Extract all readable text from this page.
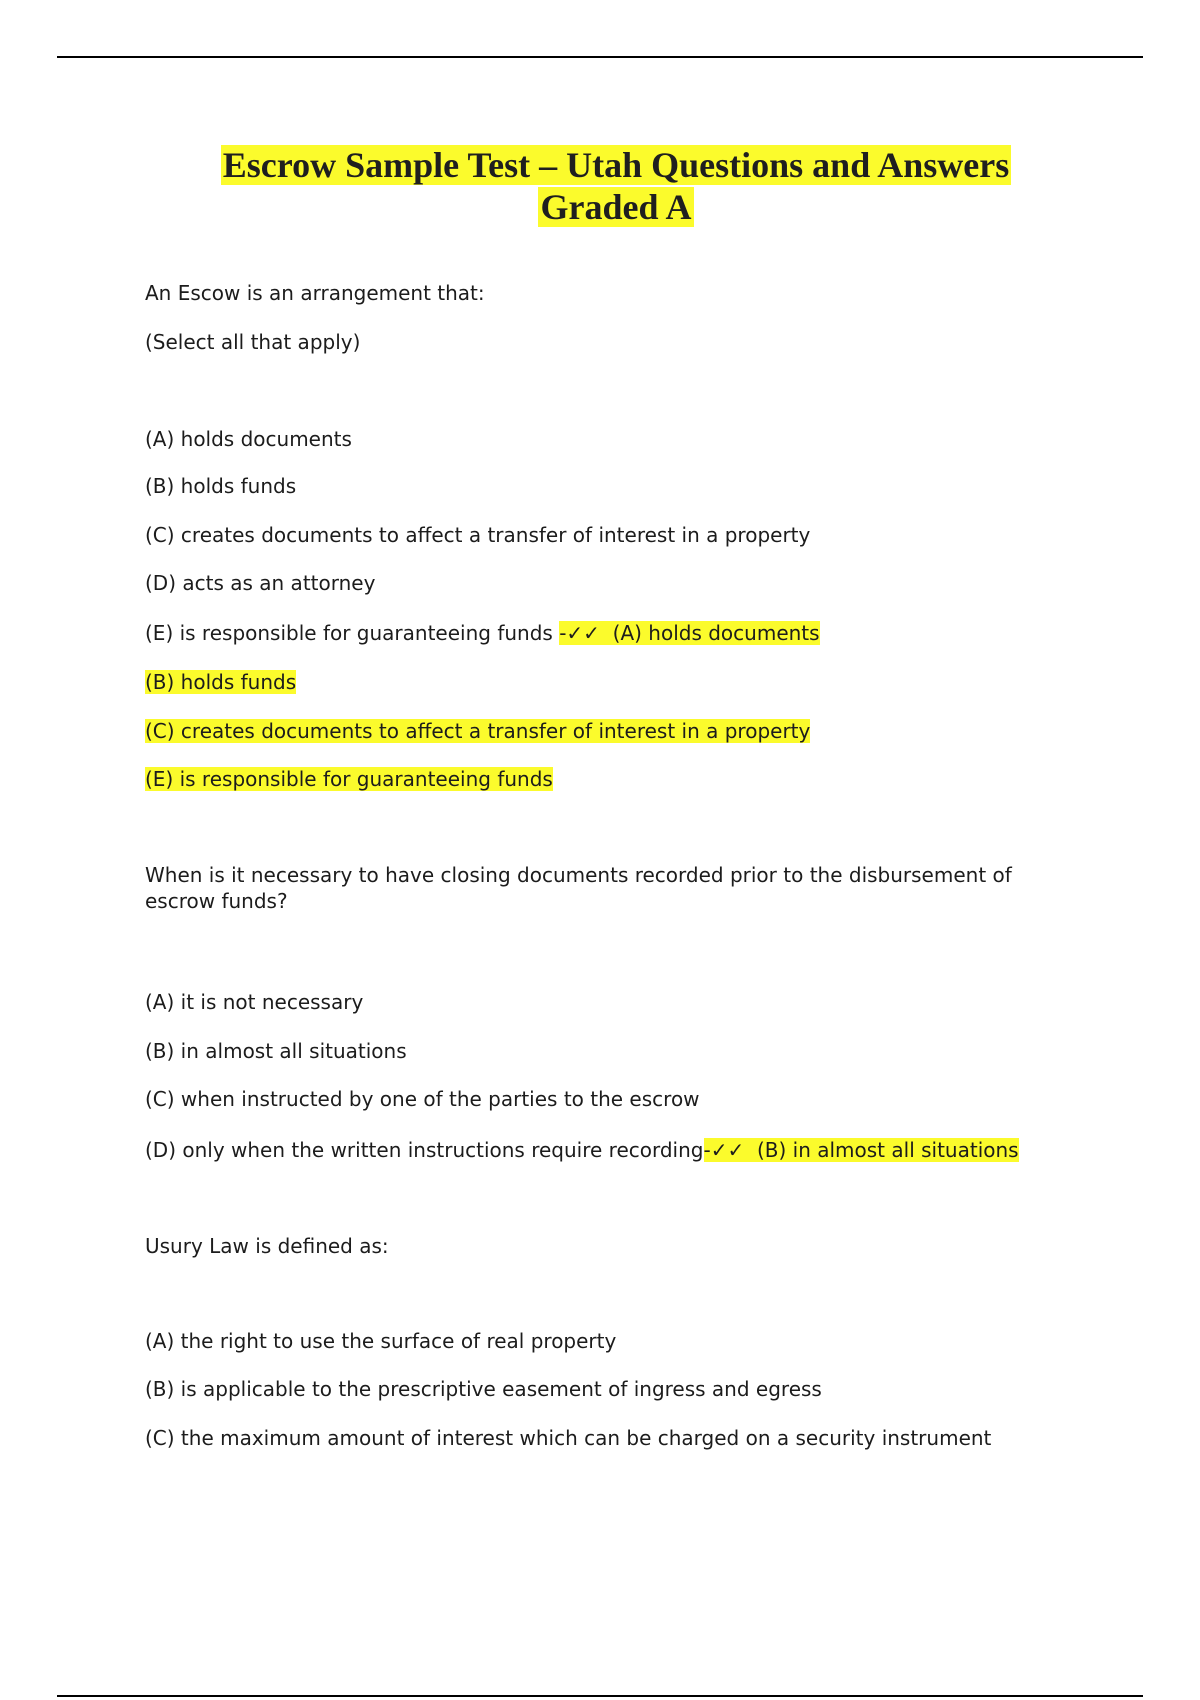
Escrow Sample Test – Utah Questions and Answers
Graded A
An Escow is an arrangement that:
(Select all that apply)
(A) holds documents
(B) holds funds
(C) creates documents to affect a transfer of interest in a property
(D) acts as an attorney
(E) is responsible for guaranteeing funds -✓✓ (A) holds documents
(B) holds funds
(C) creates documents to affect a transfer of interest in a property
(E) is responsible for guaranteeing funds
When is it necessary to have closing documents recorded prior to the disbursement of escrow funds?
(A) it is not necessary
(B) in almost all situations
(C) when instructed by one of the parties to the escrow
(D) only when the written instructions require recording-✓✓ (B) in almost all situations
Usury Law is defined as:
(A) the right to use the surface of real property
(B) is applicable to the prescriptive easement of ingress and egress
(C) the maximum amount of interest which can be charged on a security instrument
